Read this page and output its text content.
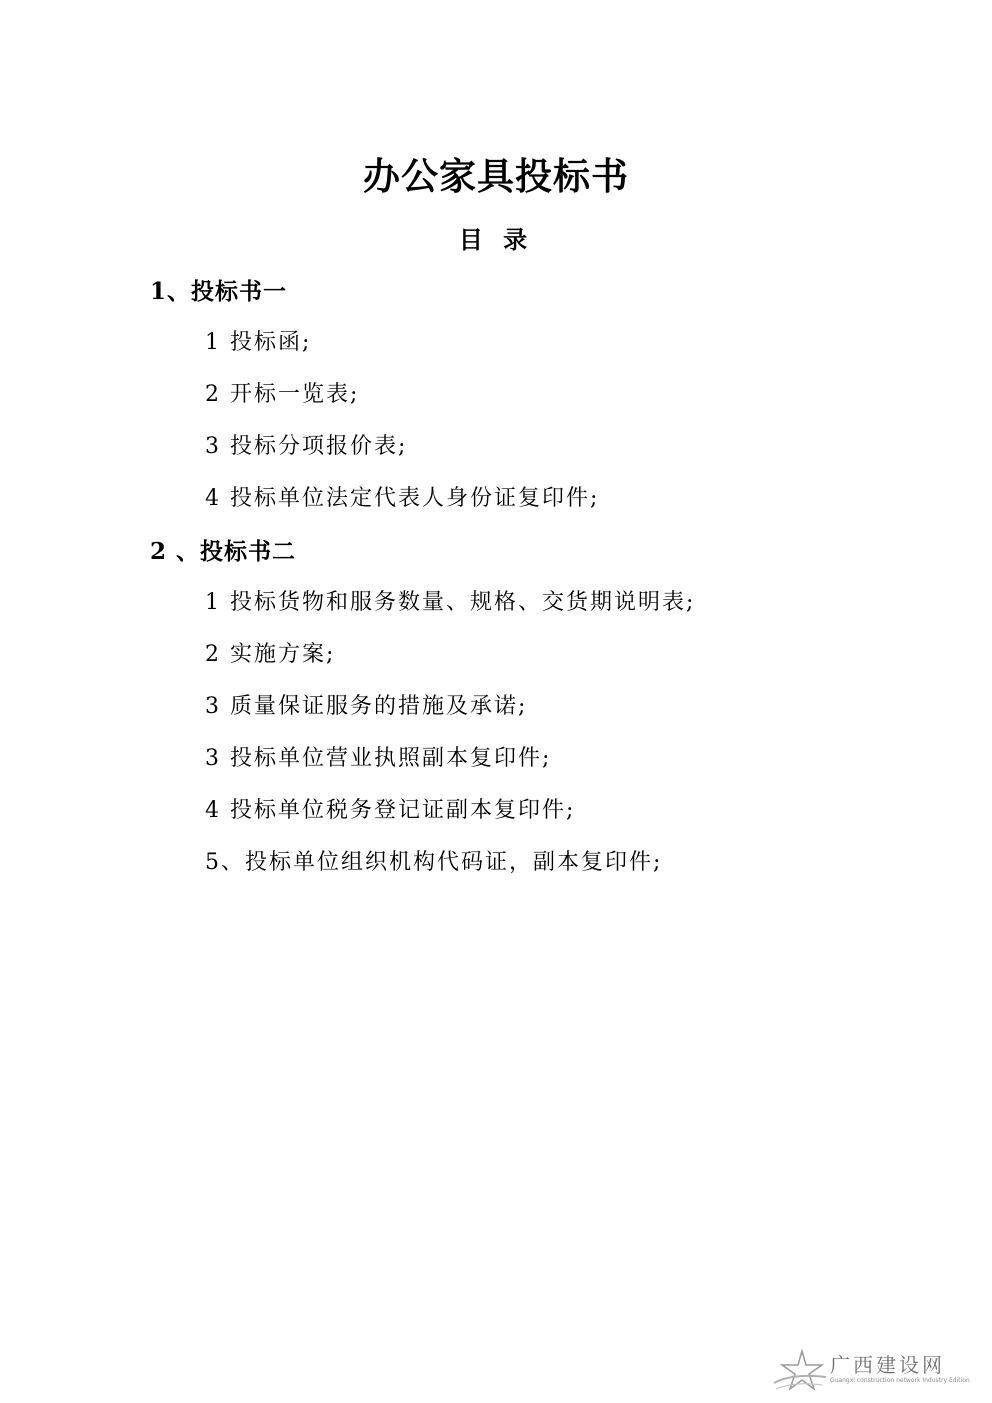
办公家具投标书
目 录
1、投标书一
1 投标函;
2 开标一览表;
3 投标分项报价表;
4 投标单位法定代表人身份证复印件;
2 、投标书二
1 投标货物和服务数量、规格、交货期说明表;
2 实施方案;
3 质量保证服务的措施及承诺;
3 投标单位营业执照副本复印件;
4 投标单位税务登记证副本复印件;
5、投标单位组织机构代码证，副本复印件;
广西建设网
Guangxi construction network Industry Edition
